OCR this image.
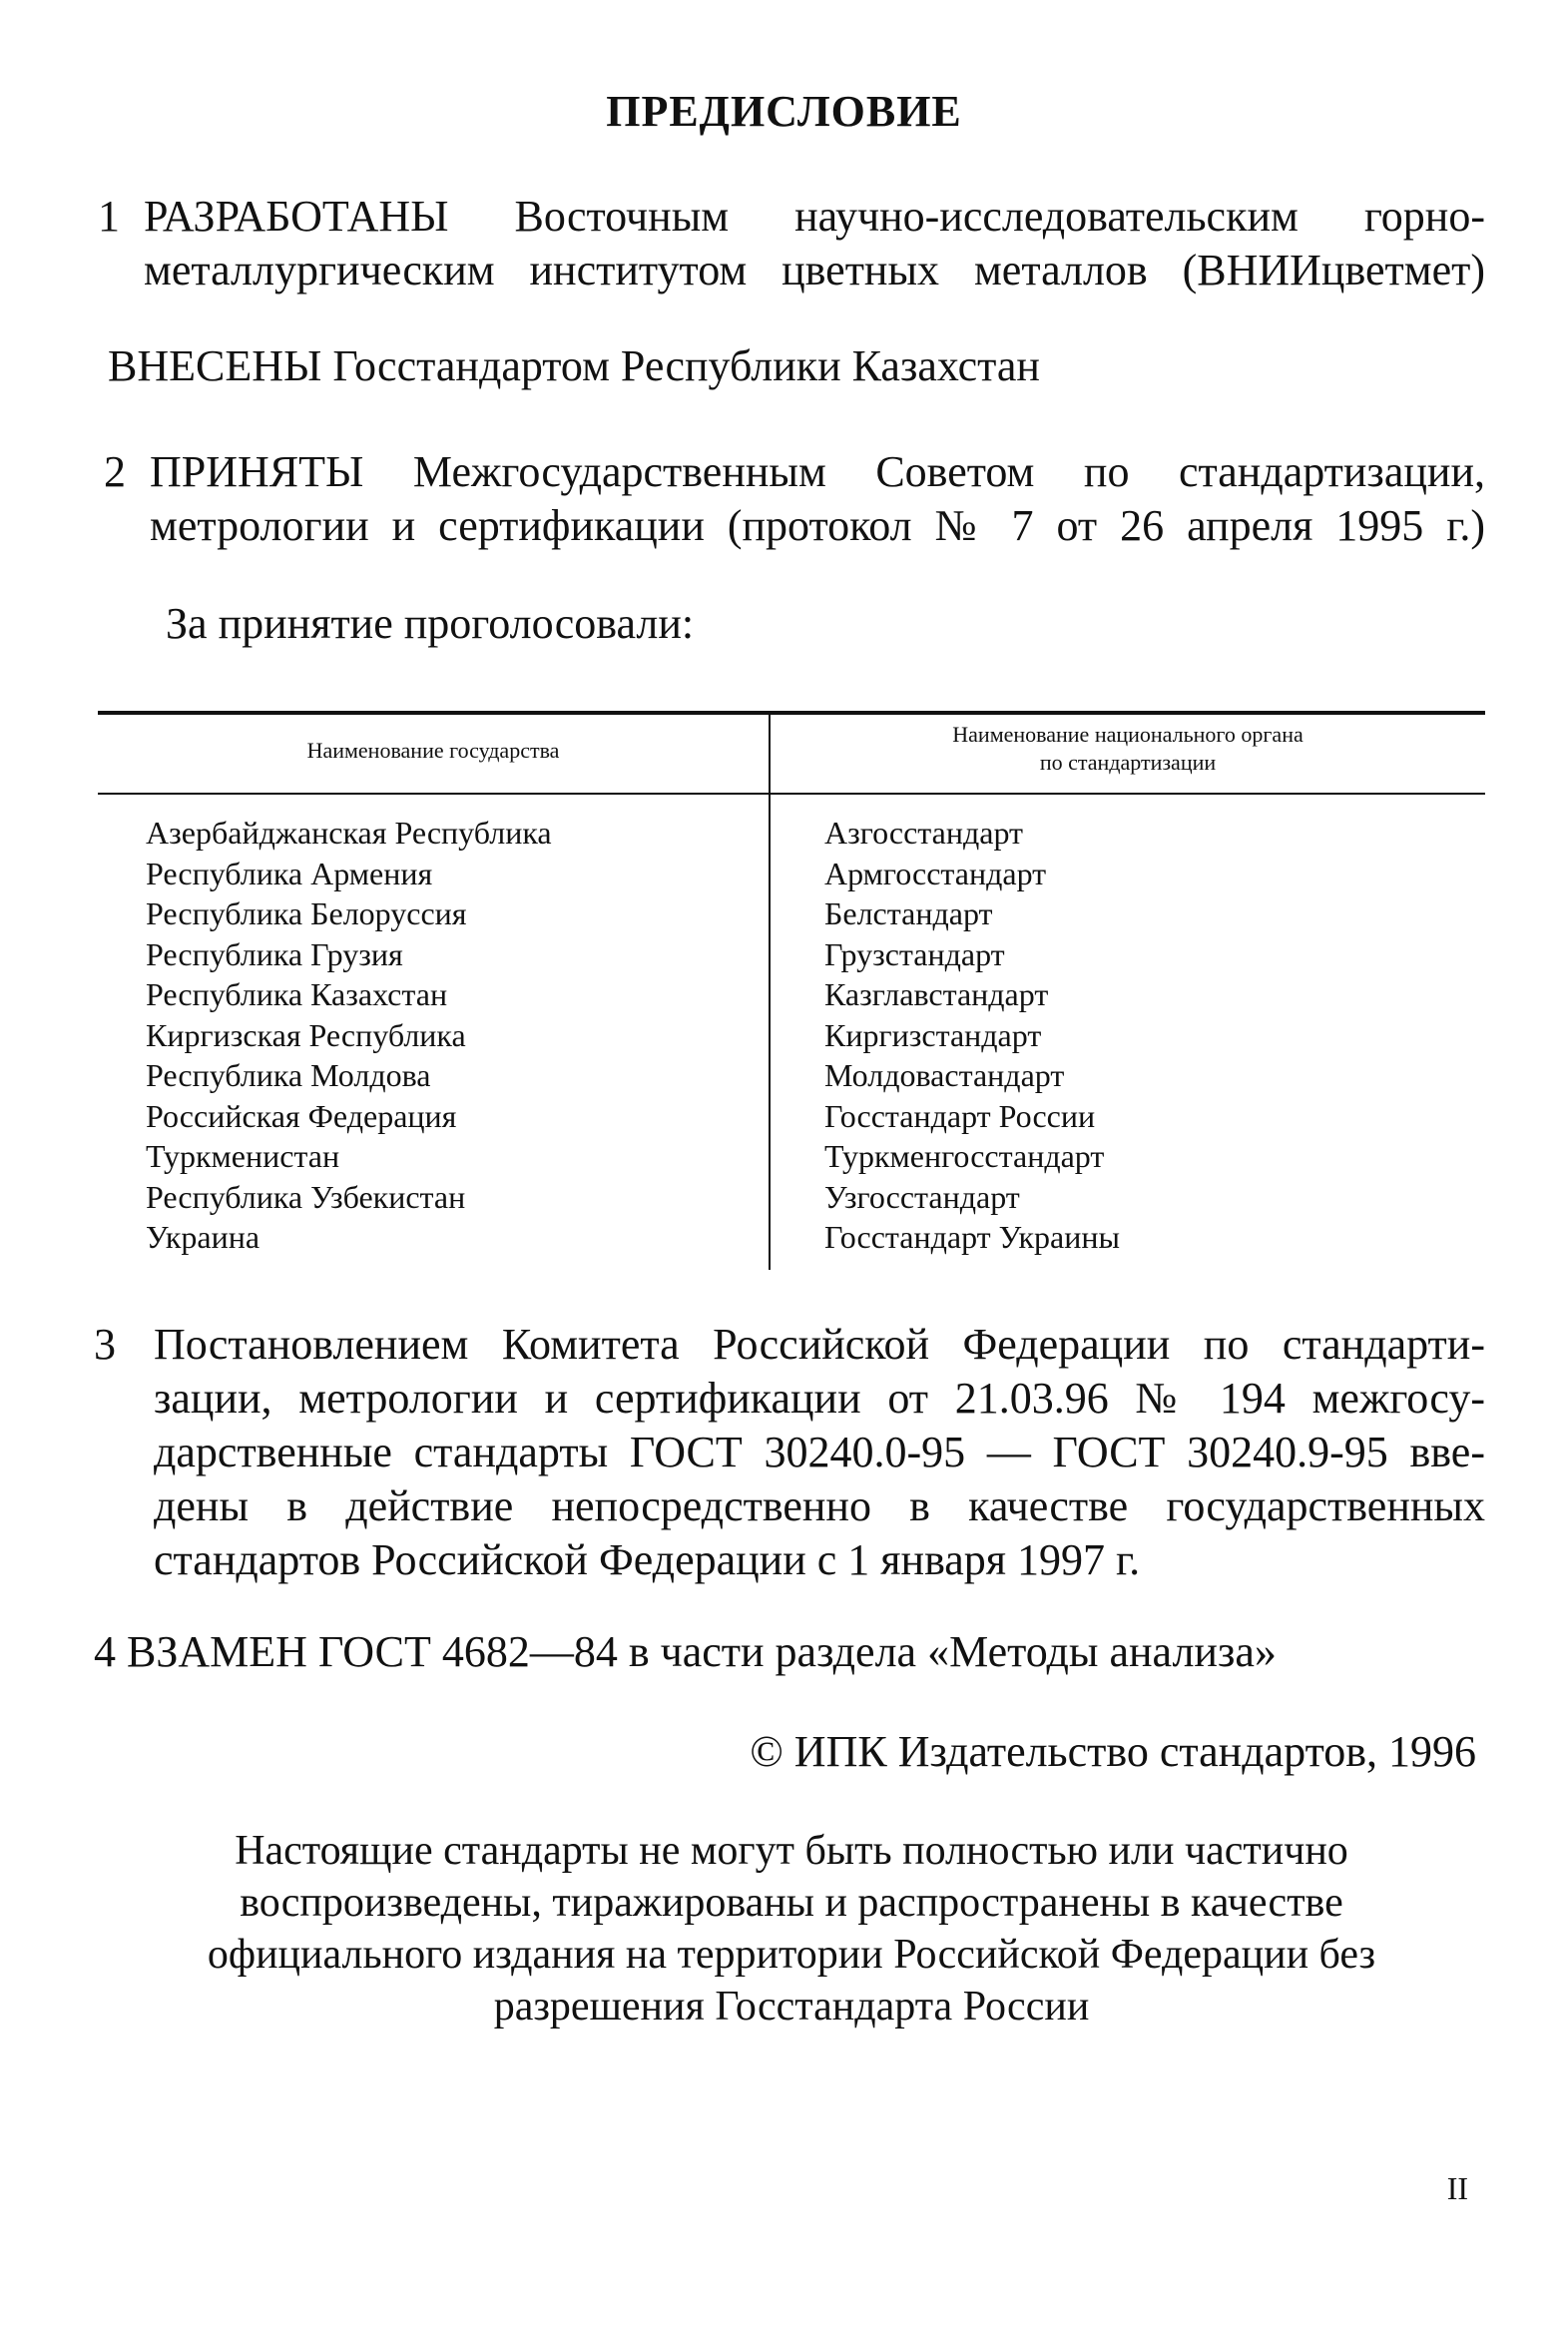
ПРЕДИСЛОВИЕ
1 РАЗРАБОТАНЫ Восточным научно-исследовательским горно-
металлургическим институтом цветных металлов (ВНИИцветмет)
ВНЕСЕНЫ Госстандартом Республики Казахстан
2 ПРИНЯТЫ Межгосударственным Советом по стандартизации,
метрологии и сертификации (протокол № 7 от 26 апреля 1995 г.)
За принятие проголосовали:
Наименование государства
Наименование национального органа
по стандартизации
Азербайджанская Республика
Республика Армения
Республика Белоруссия
Республика Грузия
Республика Казахстан
Киргизская Республика
Республика Молдова
Российская Федерация
Туркменистан
Республика Узбекистан
Украина
Азгосстандарт
Армгосстандарт
Белстандарт
Грузстандарт
Казглавстандарт
Киргизстандарт
Молдовастандарт
Госстандарт России
Туркменгосстандарт
Узгосстандарт
Госстандарт Украины
3 Постановлением Комитета Российской Федерации по стандарти-
зации, метрологии и сертификации от 21.03.96 № 194 межгосу-
дарственные стандарты ГОСТ 30240.0-95 — ГОСТ 30240.9-95 вве-
дены в действие непосредственно в качестве государственных
стандартов Российской Федерации с 1 января 1997 г.
4 ВЗАМЕН ГОСТ 4682—84 в части раздела «Методы анализа»
© ИПК Издательство стандартов, 1996
Настоящие стандарты не могут быть полностью или частично
воспроизведены, тиражированы и распространены в качестве
официального издания на территории Российской Федерации без
разрешения Госстандарта России
II
